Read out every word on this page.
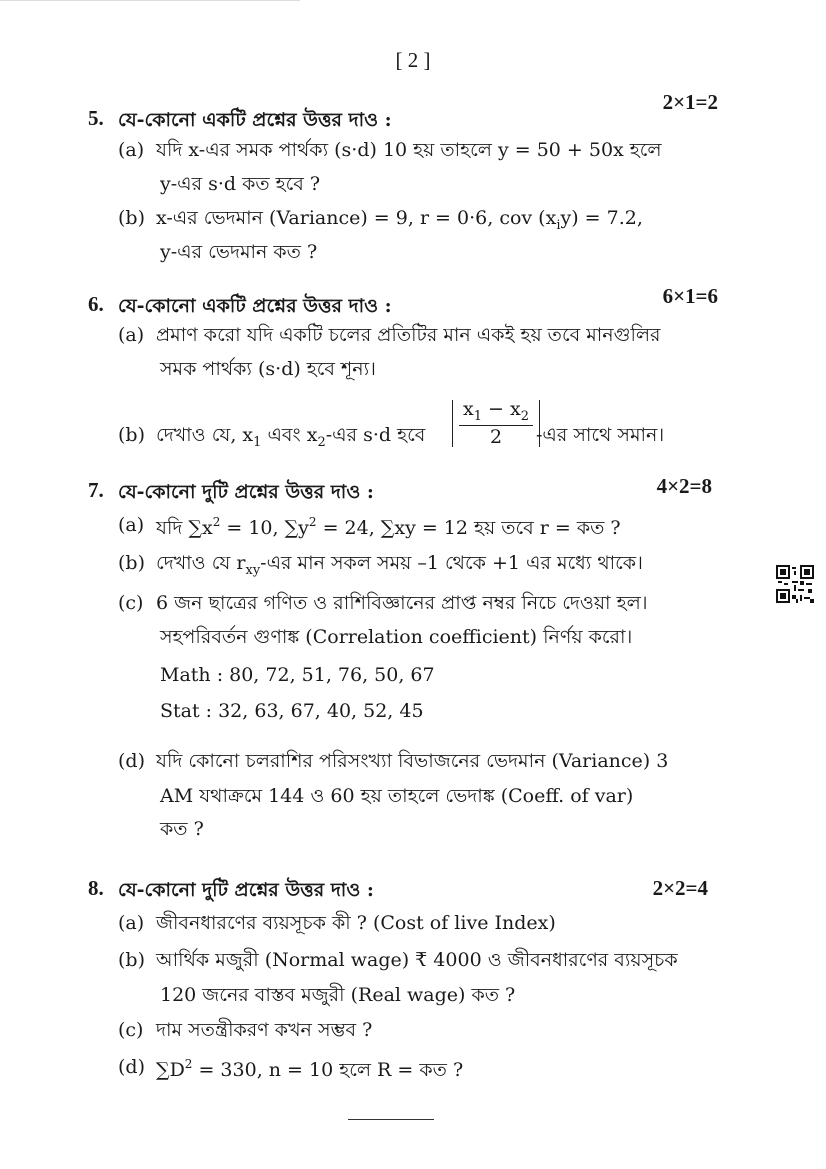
[ 2 ]
5. যে-কোনো একটি প্রশ্নের উত্তর দাও :
2×1=2
(a) যদি x-এর সমক পার্থক্য (s·d) 10 হয় তাহলে y = 50 + 50x হলে
y-এর s·d কত হবে ?
(b) x-এর ভেদমান (Variance) = 9, r = 0·6, cov $(x_iy) = 7.2$,
y-এর ভেদমান কত ?
6. যে-কোনো একটি প্রশ্নের উত্তর দাও :	6×1=6
(a) প্রমাণ করো যদি একটি চলের প্রতিটির মান একই হয় তবে মানগুলির
সমক পার্থক্য (s·d) হবে শূন্য।
(b) দেখাও যে, $x_1$ এবং $x_2-এর$ s·d হবে $\frac{x_1 - x_2}{2}$ -এর সাথে সমান।
7. যে-কোনো দুটি প্রশ্নের উত্তর দাও :	4×2=8
(a) যদি $\sum x^2 = 10$, $\sum y^2 = 24$, ∑xy = 12 হয় তবে r = কত ?
(b) দেখাও যে $r_{xy}-এর$ মান সকল সময় –1 থেকে +1 এর মধ্যে থাকে।
(c) 6 জন ছাত্রের গণিত ও রাশিবিজ্ঞানের প্রাপ্ত নম্বর নিচে দেওয়া হল।
সহপরিবর্তন গুণাঙ্ক (Correlation coefficient) নির্ণয় করো।
Math : 80, 72, 51, 76, 50, 67
Stat : 32, 63, 67, 40, 52, 45
(d) যদি কোনো চলরাশির পরিসংখ্যা বিভাজনের ভেদমান (Variance) 3
AM যথাক্রমে 144 ও 60 হয় তাহলে ভেদাঙ্ক (Coeff. of var)
কত ?
8. যে-কোনো দুটি প্রশ্নের উত্তর দাও :	2×2=4
(a) জীবনধারণের ব্যয়সূচক কী ? (Cost of live Index)
(b) আর্থিক মজুরী (Normal wage) ₹ 4000 ও জীবনধারণের ব্যয়সূচক
120 জনের বাস্তব মজুরী (Real wage) কত ?
(c) দাম সতন্ত্রীকরণ কখন সম্ভব ?
(d) $\sum D^2 = 330$, n = 10 হলে R = কত ?
